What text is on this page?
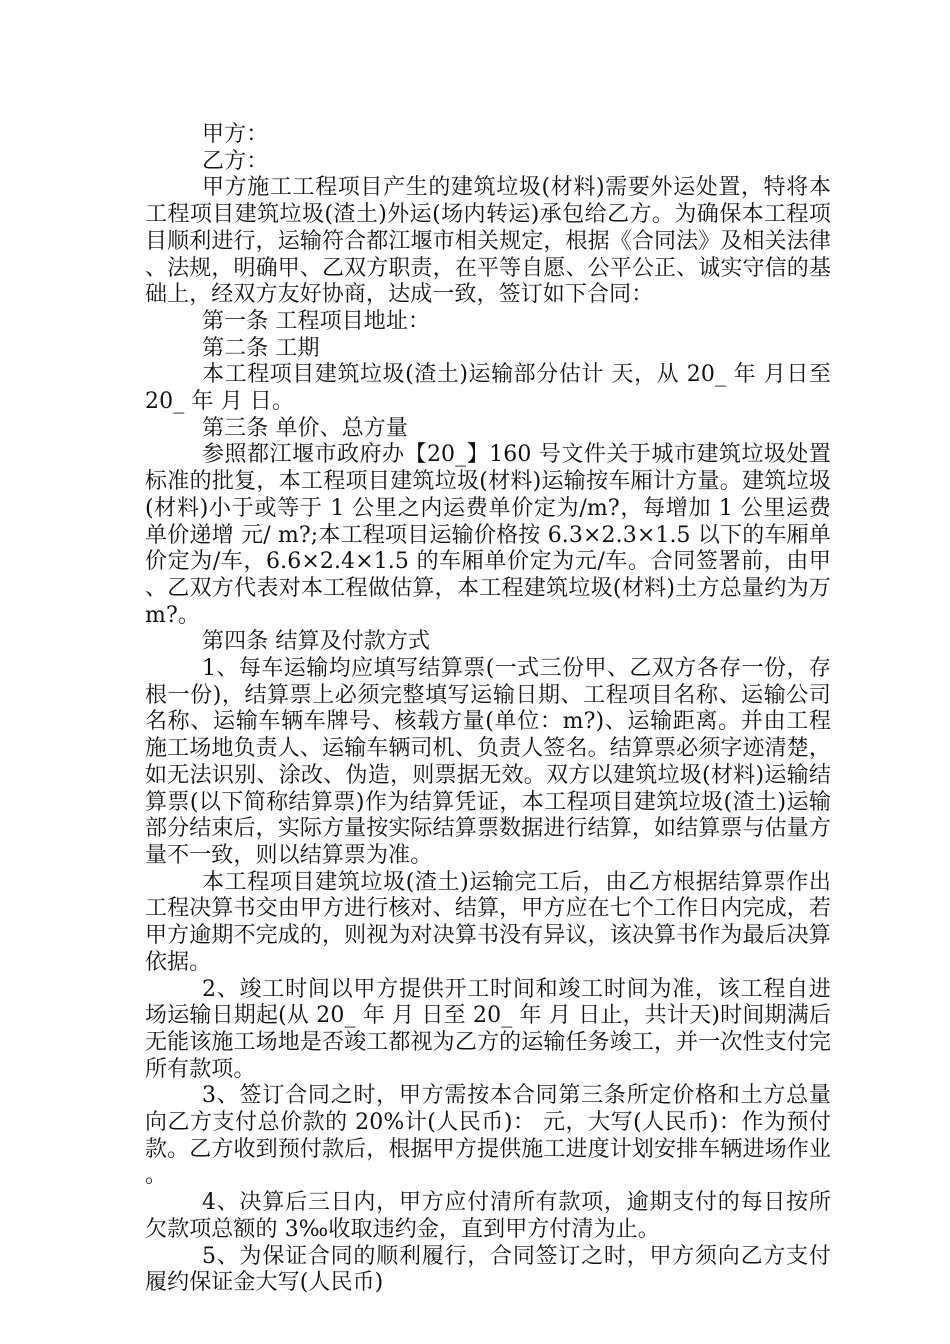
甲方：

乙方：

甲方施工工程项目产生的建筑垃圾(材料)需要外运处置，特将本工程项目建筑垃圾(渣土)外运(场内转运)承包给乙方。为确保本工程项目顺利进行，运输符合都江堰市相关规定，根据《合同法》及相关法律、法规，明确甲、乙双方职责，在平等自愿、公平公正、诚实守信的基础上，经双方友好协商，达成一致，签订如下合同：

第一条 工程项目地址：

第二条 工期

本工程项目建筑垃圾(渣土)运输部分估计 天，从 20_ 年 月日至 20_ 年 月 日。

第三条 单价、总方量

参照都江堰市政府办【20_】160 号文件关于城市建筑垃圾处置标准的批复，本工程项目建筑垃圾(材料)运输按车厢计方量。建筑垃圾(材料)小于或等于 1 公里之内运费单价定为/m?，每增加 1 公里运费单价递增 元/ m?;本工程项目运输价格按 6.3×2.3×1.5 以下的车厢单价定为/车，6.6×2.4×1.5 的车厢单价定为元/车。合同签署前，由甲、乙双方代表对本工程做估算，本工程建筑垃圾(材料)土方总量约为万 m?。

第四条 结算及付款方式

1、每车运输均应填写结算票(一式三份甲、乙双方各存一份，存根一份)，结算票上必须完整填写运输日期、工程项目名称、运输公司名称、运输车辆车牌号、核载方量(单位：m?)、运输距离。并由工程施工场地负责人、运输车辆司机、负责人签名。结算票必须字迹清楚，如无法识别、涂改、伪造，则票据无效。双方以建筑垃圾(材料)运输结算票(以下简称结算票)作为结算凭证，本工程项目建筑垃圾(渣土)运输部分结束后，实际方量按实际结算票数据进行结算，如结算票与估量方量不一致，则以结算票为准。

本工程项目建筑垃圾(渣土)运输完工后，由乙方根据结算票作出工程决算书交由甲方进行核对、结算，甲方应在七个工作日内完成，若甲方逾期不完成的，则视为对决算书没有异议，该决算书作为最后决算依据。

2、竣工时间以甲方提供开工时间和竣工时间为准，该工程自进场运输日期起(从 20_ 年 月 日至 20_ 年 月 日止，共计天)时间期满后无能该施工场地是否竣工都视为乙方的运输任务竣工，并一次性支付完所有款项。

3、签订合同之时，甲方需按本合同第三条所定价格和土方总量向乙方支付总价款的 20%计(人民币)： 元，大写(人民币)：作为预付款。乙方收到预付款后，根据甲方提供施工进度计划安排车辆进场作业。

4、决算后三日内，甲方应付清所有款项，逾期支付的每日按所欠款项总额的 3‰收取违约金，直到甲方付清为止。

5、为保证合同的顺利履行，合同签订之时，甲方须向乙方支付履约保证金大写(人民币)
